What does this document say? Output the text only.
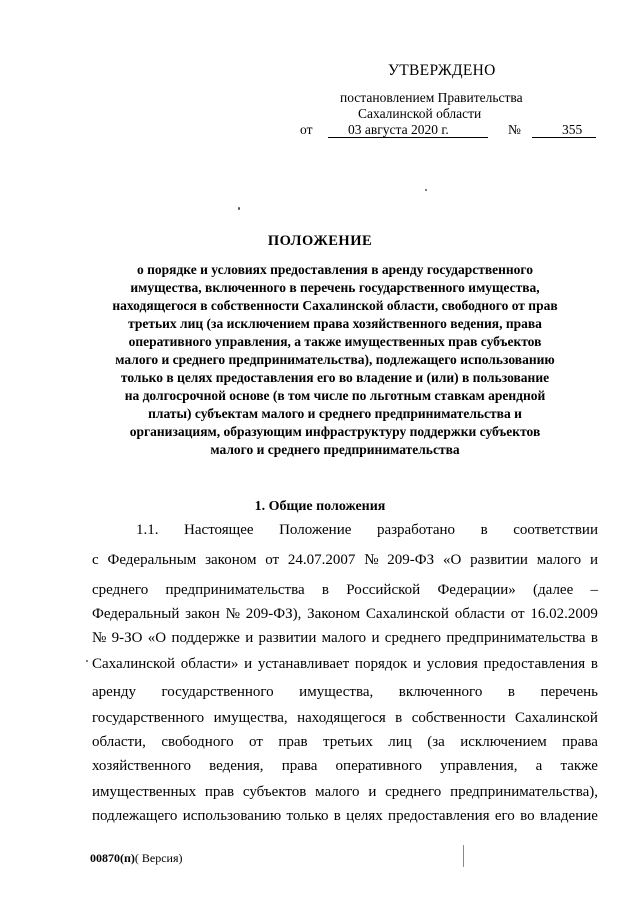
УТВЕРЖДЕНО
постановлением Правительства
Сахалинской области
от	03 августа 2020 г.	№	355
ПОЛОЖЕНИЕ
о порядке и условиях предоставления в аренду государственного
имущества, включенного в перечень государственного имущества,
находящегося в собственности Сахалинской области, свободного от прав
третьих лиц (за исключением права хозяйственного ведения, права
оперативного управления, а также имущественных прав субъектов
малого и среднего предпринимательства), подлежащего использованию
только в целях предоставления его во владение и (или) в пользование
на долгосрочной основе (в том числе по льготным ставкам арендной
платы) субъектам малого и среднего предпринимательства и
организациям, образующим инфраструктуру поддержки субъектов
малого и среднего предпринимательства
1. Общие положения
1.1. Настоящее Положение разработано в соответствии
с Федеральным законом от 24.07.2007 № 209-ФЗ «О развитии малого и
среднего предпринимательства в Российской Федерации» (далее –
Федеральный закон № 209-ФЗ), Законом Сахалинской области от 16.02.2009
№ 9-ЗО «О поддержке и развитии малого и среднего предпринимательства в
Сахалинской области» и устанавливает порядок и условия предоставления в
аренду государственного имущества, включенного в перечень
государственного имущества, находящегося в собственности Сахалинской
области, свободного от прав третьих лиц (за исключением права
хозяйственного ведения, права оперативного управления, а также
имущественных прав субъектов малого и среднего предпринимательства),
подлежащего использованию только в целях предоставления его во владение
00870(п)( Версия)
